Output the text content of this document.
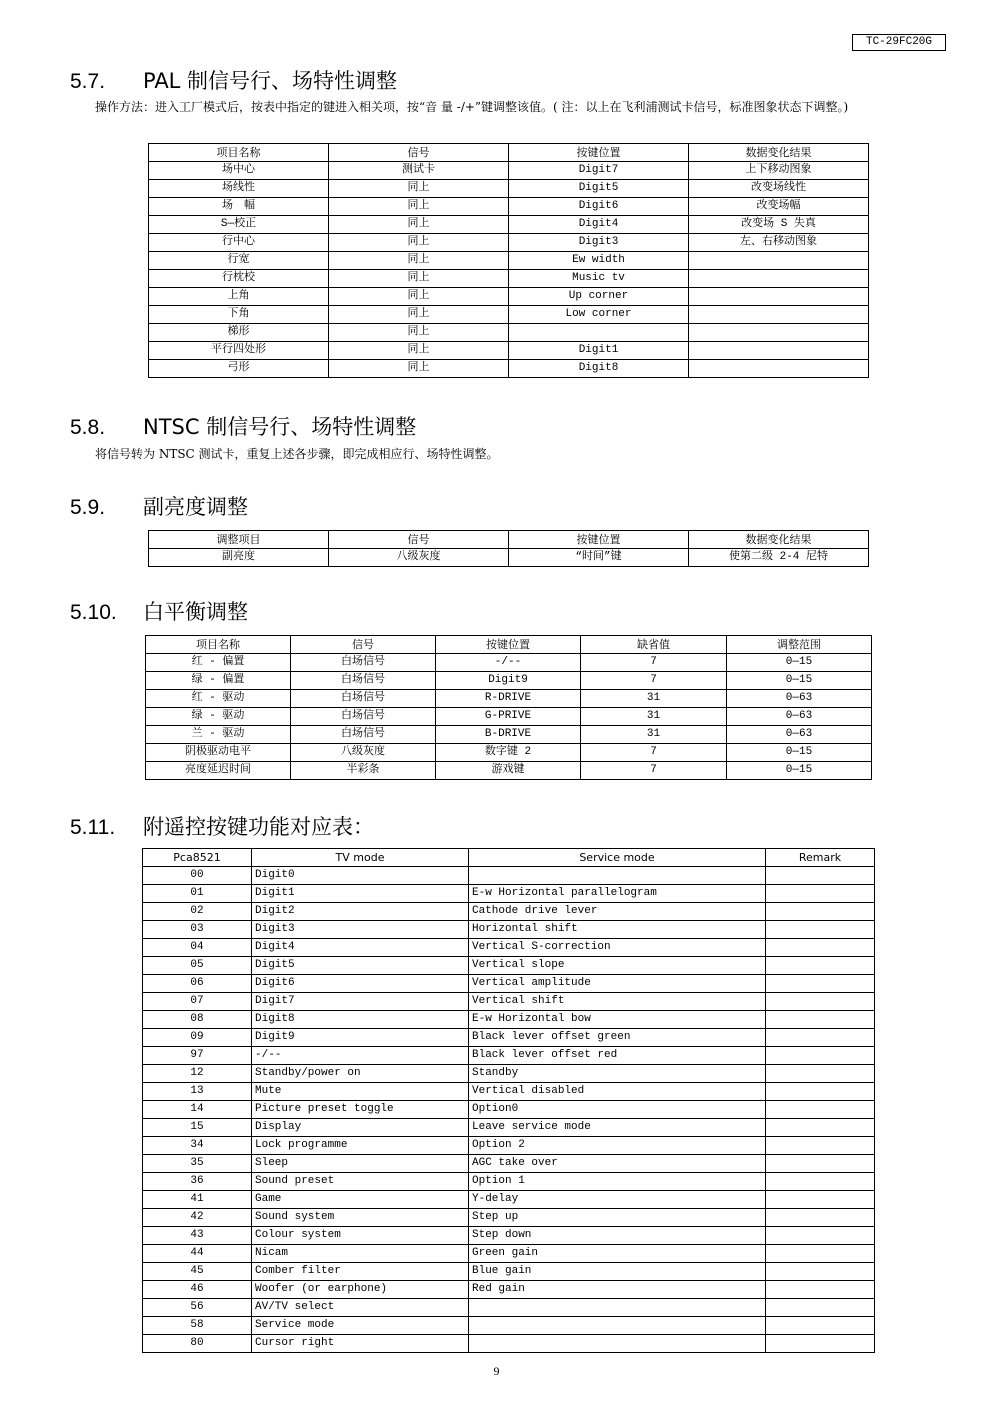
TC-29FC20G
5.7. PAL 制信号行、场特性调整

操作方法：进入工厂模式后，按表中指定的键进入相关项，按“音 量 -/+”键调整该值。( 注：以上在飞利浦测试卡信号，标准图象状态下调整。)

项目名称	信号	按键位置	数据变化结果
场中心	测试卡	Digit7	上下移动图象
场线性	同上	Digit5	改变场线性
场　幅	同上	Digit6	改变场幅
S—校正	同上	Digit4	改变场 S 失真
行中心	同上	Digit3	左、右移动图象
行宽	同上	Ew width	
行枕校	同上	Music tv	
上角	同上	Up corner	
下角	同上	Low corner	
梯形	同上		
平行四处形	同上	Digit1	
弓形	同上	Digit8	
5.8. NTSC 制信号行、场特性调整

将信号转为 NTSC 测试卡，重复上述各步骤，即完成相应行、场特性调整。

5.9. 副亮度调整
调整项目	信号	按键位置	数据变化结果
副亮度	八级灰度	“时间”键	使第二级 2-4 尼特
5.10. 白平衡调整
项目名称	信号	按键位置	缺省值	调整范围
红 - 偏置	白场信号	-/--	7	0—15
绿 - 偏置	白场信号	Digit9	7	0—15
红 - 驱动	白场信号	R-DRIVE	31	0—63
绿 - 驱动	白场信号	G-PRIVE	31	0—63
兰 - 驱动	白场信号	B-DRIVE	31	0—63
阴极驱动电平	八级灰度	数字键 2	7	0—15
亮度延迟时间	半彩条	游戏键	7	0—15
5.11. 附遥控按键功能对应表：
Pca8521	TV mode	Service mode	Remark
00	Digit0		
01	Digit1	E-w Horizontal parallelogram	
02	Digit2	Cathode drive lever	
03	Digit3	Horizontal shift	
04	Digit4	Vertical S-correction	
05	Digit5	Vertical slope	
06	Digit6	Vertical amplitude	
07	Digit7	Vertical shift	
08	Digit8	E-w Horizontal bow	
09	Digit9	Black lever offset green	
97	-/--	Black lever offset red	
12	Standby/power on	Standby	
13	Mute	Vertical disabled	
14	Picture preset toggle	Option0	
15	Display	Leave service mode	
34	Lock programme	Option 2	
35	Sleep	AGC take over	
36	Sound preset	Option 1	
41	Game	Y-delay	
42	Sound system	Step up	
43	Colour system	Step down	
44	Nicam	Green gain	
45	Comber filter	Blue gain	
46	Woofer (or earphone)	Red gain	
56	AV/TV select		
58	Service mode		
80	Cursor right		
9
